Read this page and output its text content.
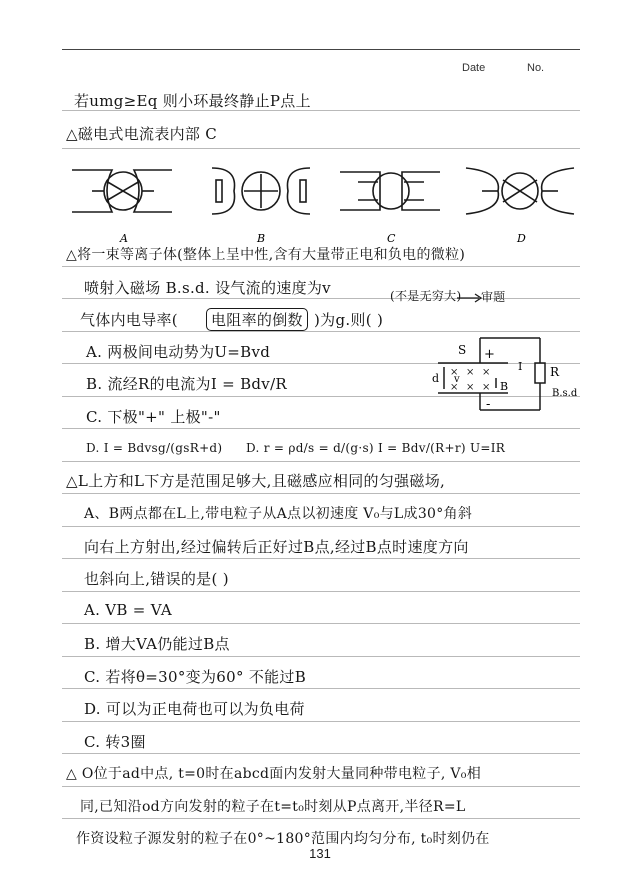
Date	No.
若umg≥Eq 则小环最终静止P点上
△磁电式电流表内部 C
A	B	C	D
△将一束等离子体(整体上呈中性,含有大量带正电和负电的微粒)
喷射入磁场 B.s.d. 设气流的速度为v	(不是无穷大) 审题
气体内电导率(	电阻率的倒数 )为g.则( )
A. 两极间电动势为U=Bvd
B. 流经R的电流为I = Bdv/R
C. 下极"+" 上极"-"
D. I = Bdvsg/(gsR+d) D. r = ρd/s = d/(g·s) I = Bdv/(R+r) U=IR
× × ×
× × ×
S +
-
d v
I
B
R
B.s.d
△L上方和L下方是范围足够大,且磁感应相同的匀强磁场,
A、B两点都在L上,带电粒子从A点以初速度 V₀与L成30°角斜
向右上方射出,经过偏转后正好过B点,经过B点时速度方向
也斜向上,错误的是( )
A. VB = VA
B. 增大VA仍能过B点
C. 若将θ=30°变为60° 不能过B
D. 可以为正电荷也可以为负电荷
C. 转3圈
△ O位于ad中点, t=0时在abcd面内发射大量同种带电粒子, V₀相
同,已知沿od方向发射的粒子在t=t₀时刻从P点离开,半径R=L
作资设粒子源发射的粒子在0°~180°范围内均匀分布, t₀时刻仍在
131
